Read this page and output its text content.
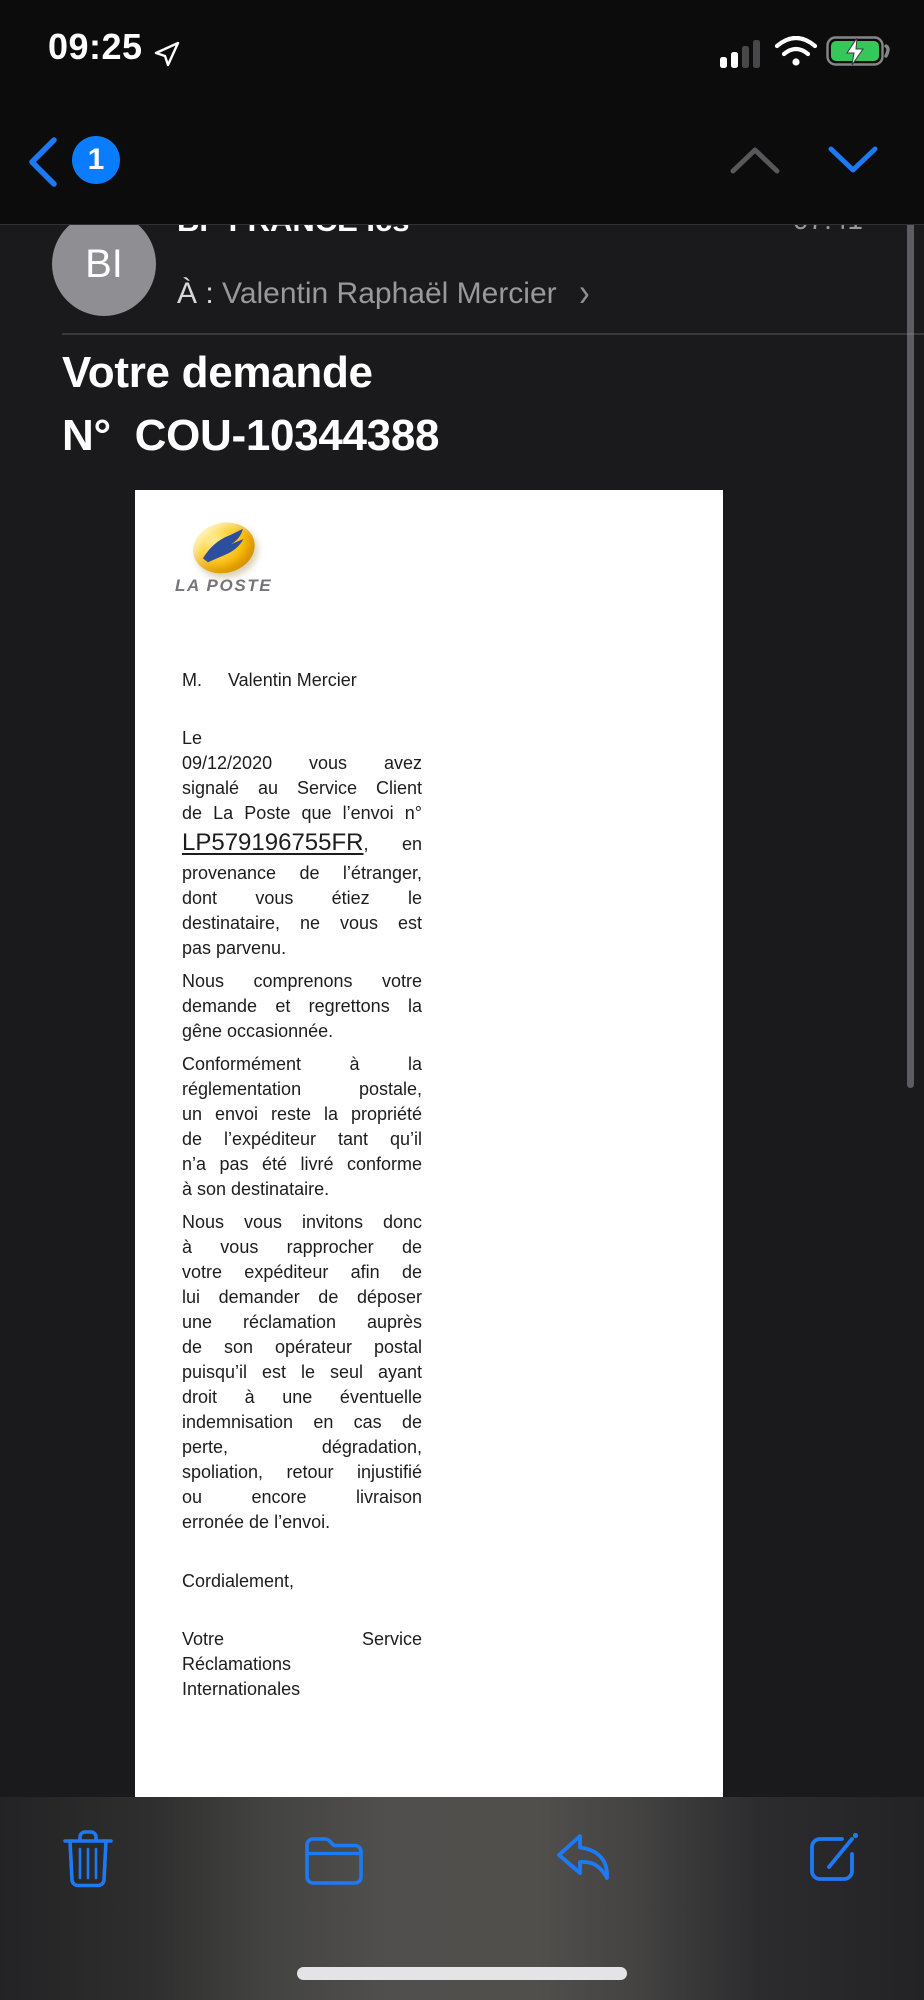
BI
À : Valentin Raphaël Mercier ›
Votre demande
N°  COU-10344388
LA POSTE
M. Valentin Mercier
Le
09/12/2020 vous avez
signalé au Service Client
de La Poste que l’envoi n°
LP579196755FR, en
provenance de l’étranger,
dont vous étiez le
destinataire, ne vous est
pas parvenu.
Nous comprenons votre
demande et regrettons la
gêne occasionnée.
Conformément à la
réglementation postale,
un envoi reste la propriété
de l’expéditeur tant qu’il
n’a pas été livré conforme
à son destinataire.
Nous vous invitons donc
à vous rapprocher de
votre expéditeur afin de
lui demander de déposer
une réclamation auprès
de son opérateur postal
puisqu’il est le seul ayant
droit à une éventuelle
indemnisation en cas de
perte, dégradation,
spoliation, retour injustifié
ou encore livraison
erronée de l’envoi.
Cordialement,
Votre Service
Réclamations
Internationales
09:25
1
